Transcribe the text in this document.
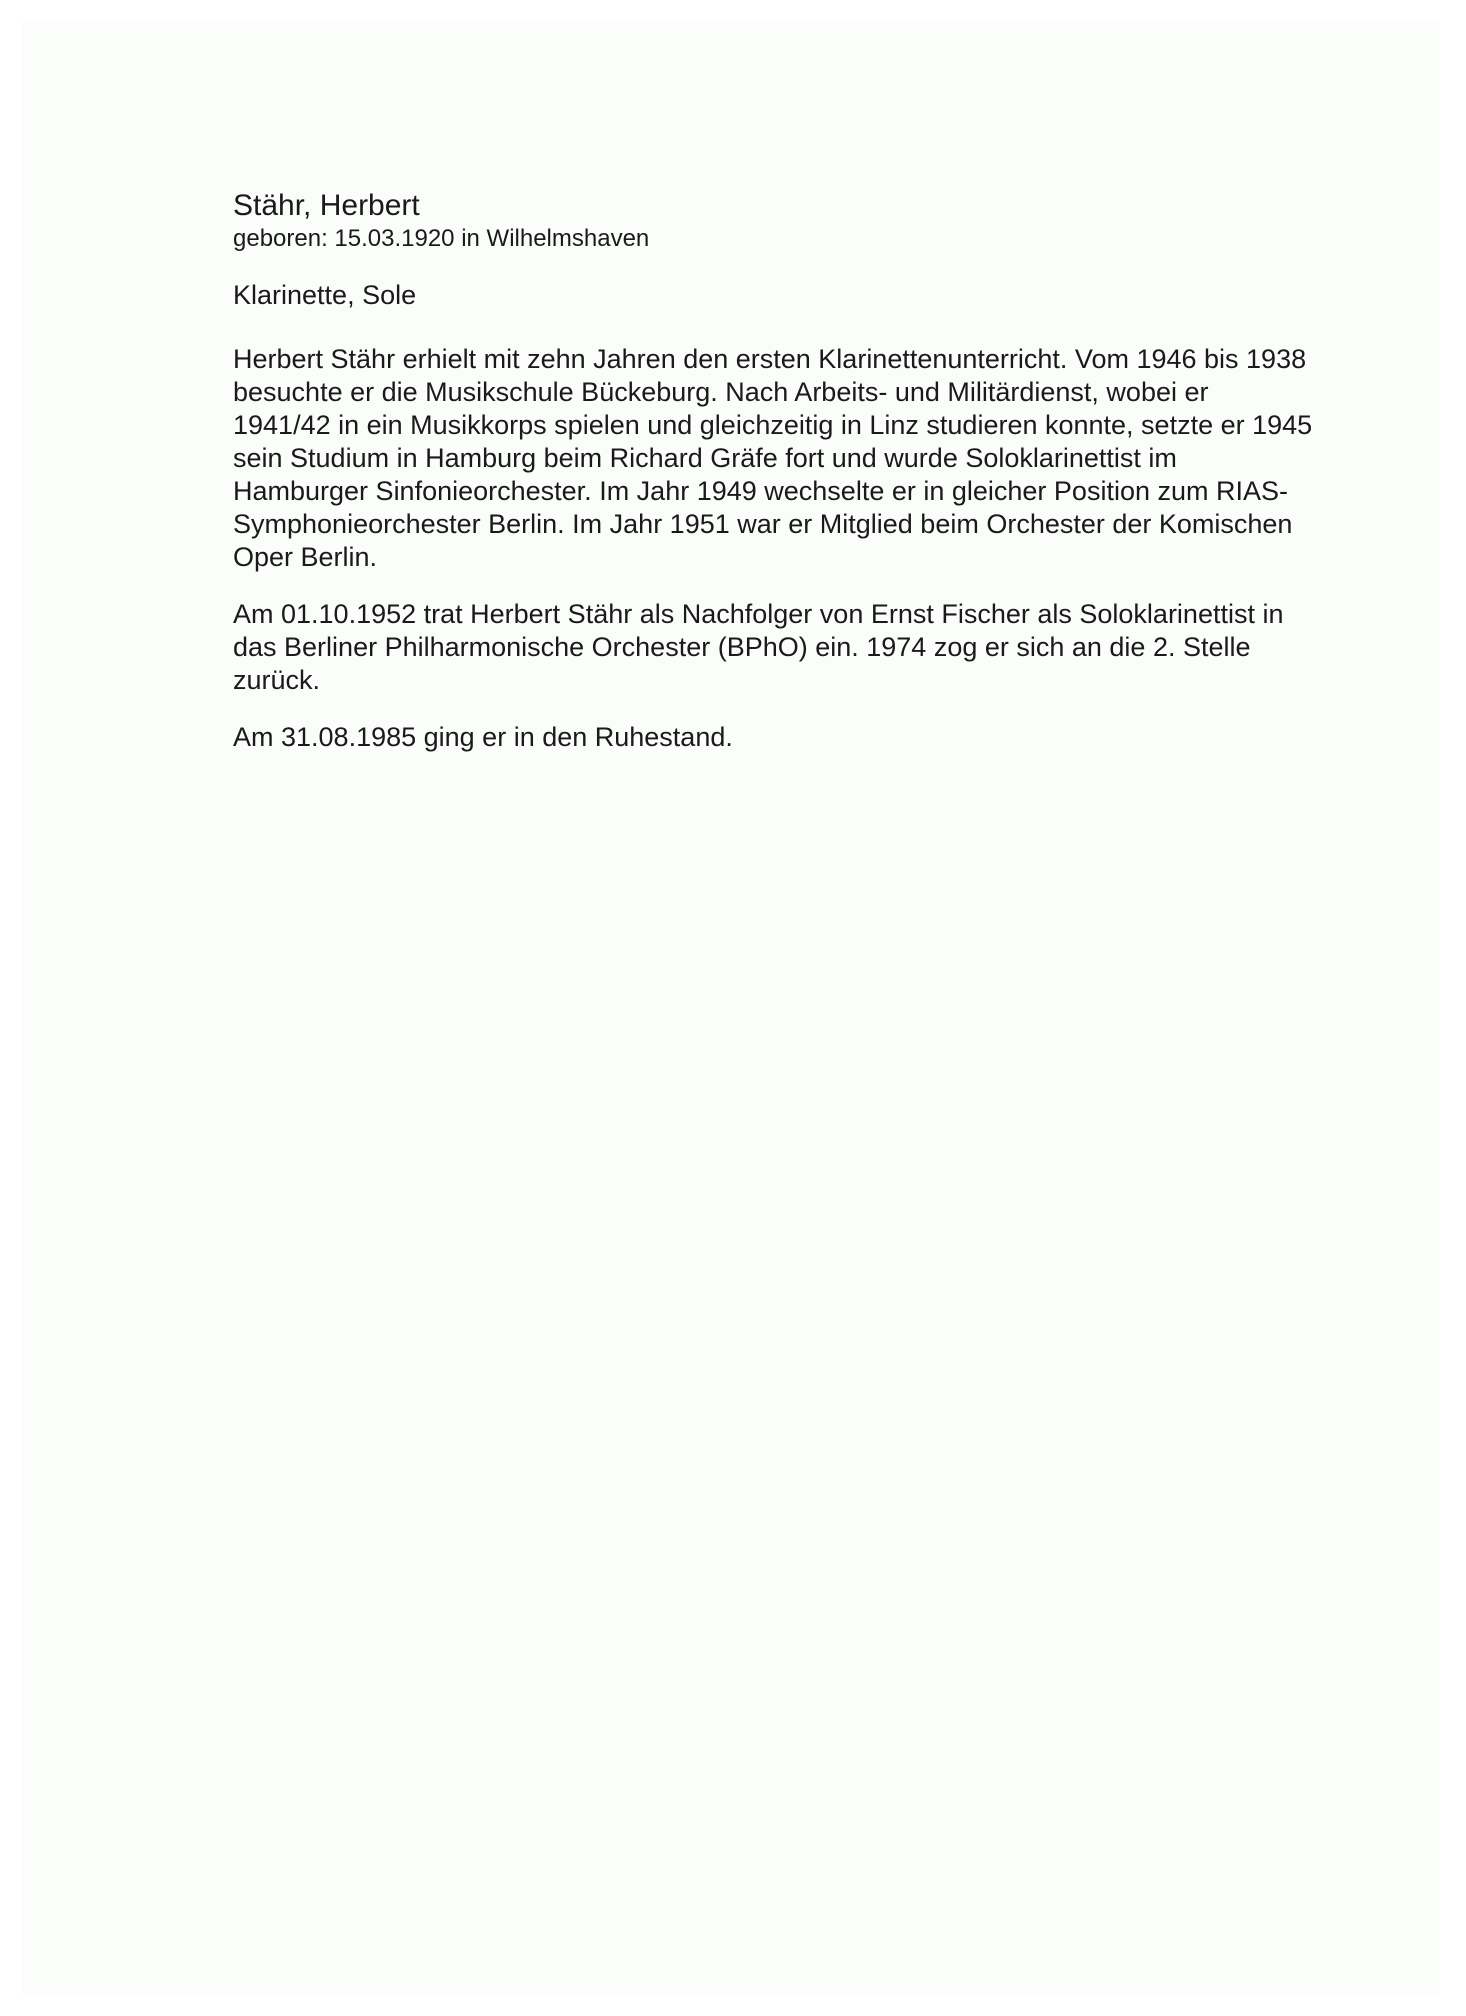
Stähr, Herbert

geboren: 15.03.1920 in Wilhelmshaven

Klarinette, Sole

Herbert Stähr erhielt mit zehn Jahren den ersten Klarinettenunterricht. Vom 1946 bis 1938 besuchte er die Musikschule Bückeburg. Nach Arbeits- und Militärdienst, wobei er 1941/42 in ein Musikkorps spielen und gleichzeitig in Linz studieren konnte, setzte er 1945 sein Studium in Hamburg beim Richard Gräfe fort und wurde Soloklarinettist im Hamburger Sinfonieorchester. Im Jahr 1949 wechselte er in gleicher Position zum RIAS-Symphonieorchester Berlin. Im Jahr 1951 war er Mitglied beim Orchester der Komischen Oper Berlin.

Am 01.10.1952 trat Herbert Stähr als Nachfolger von Ernst Fischer als Soloklarinettist in das Berliner Philharmonische Orchester (BPhO) ein. 1974 zog er sich an die 2. Stelle zurück.

Am 31.08.1985 ging er in den Ruhestand.
